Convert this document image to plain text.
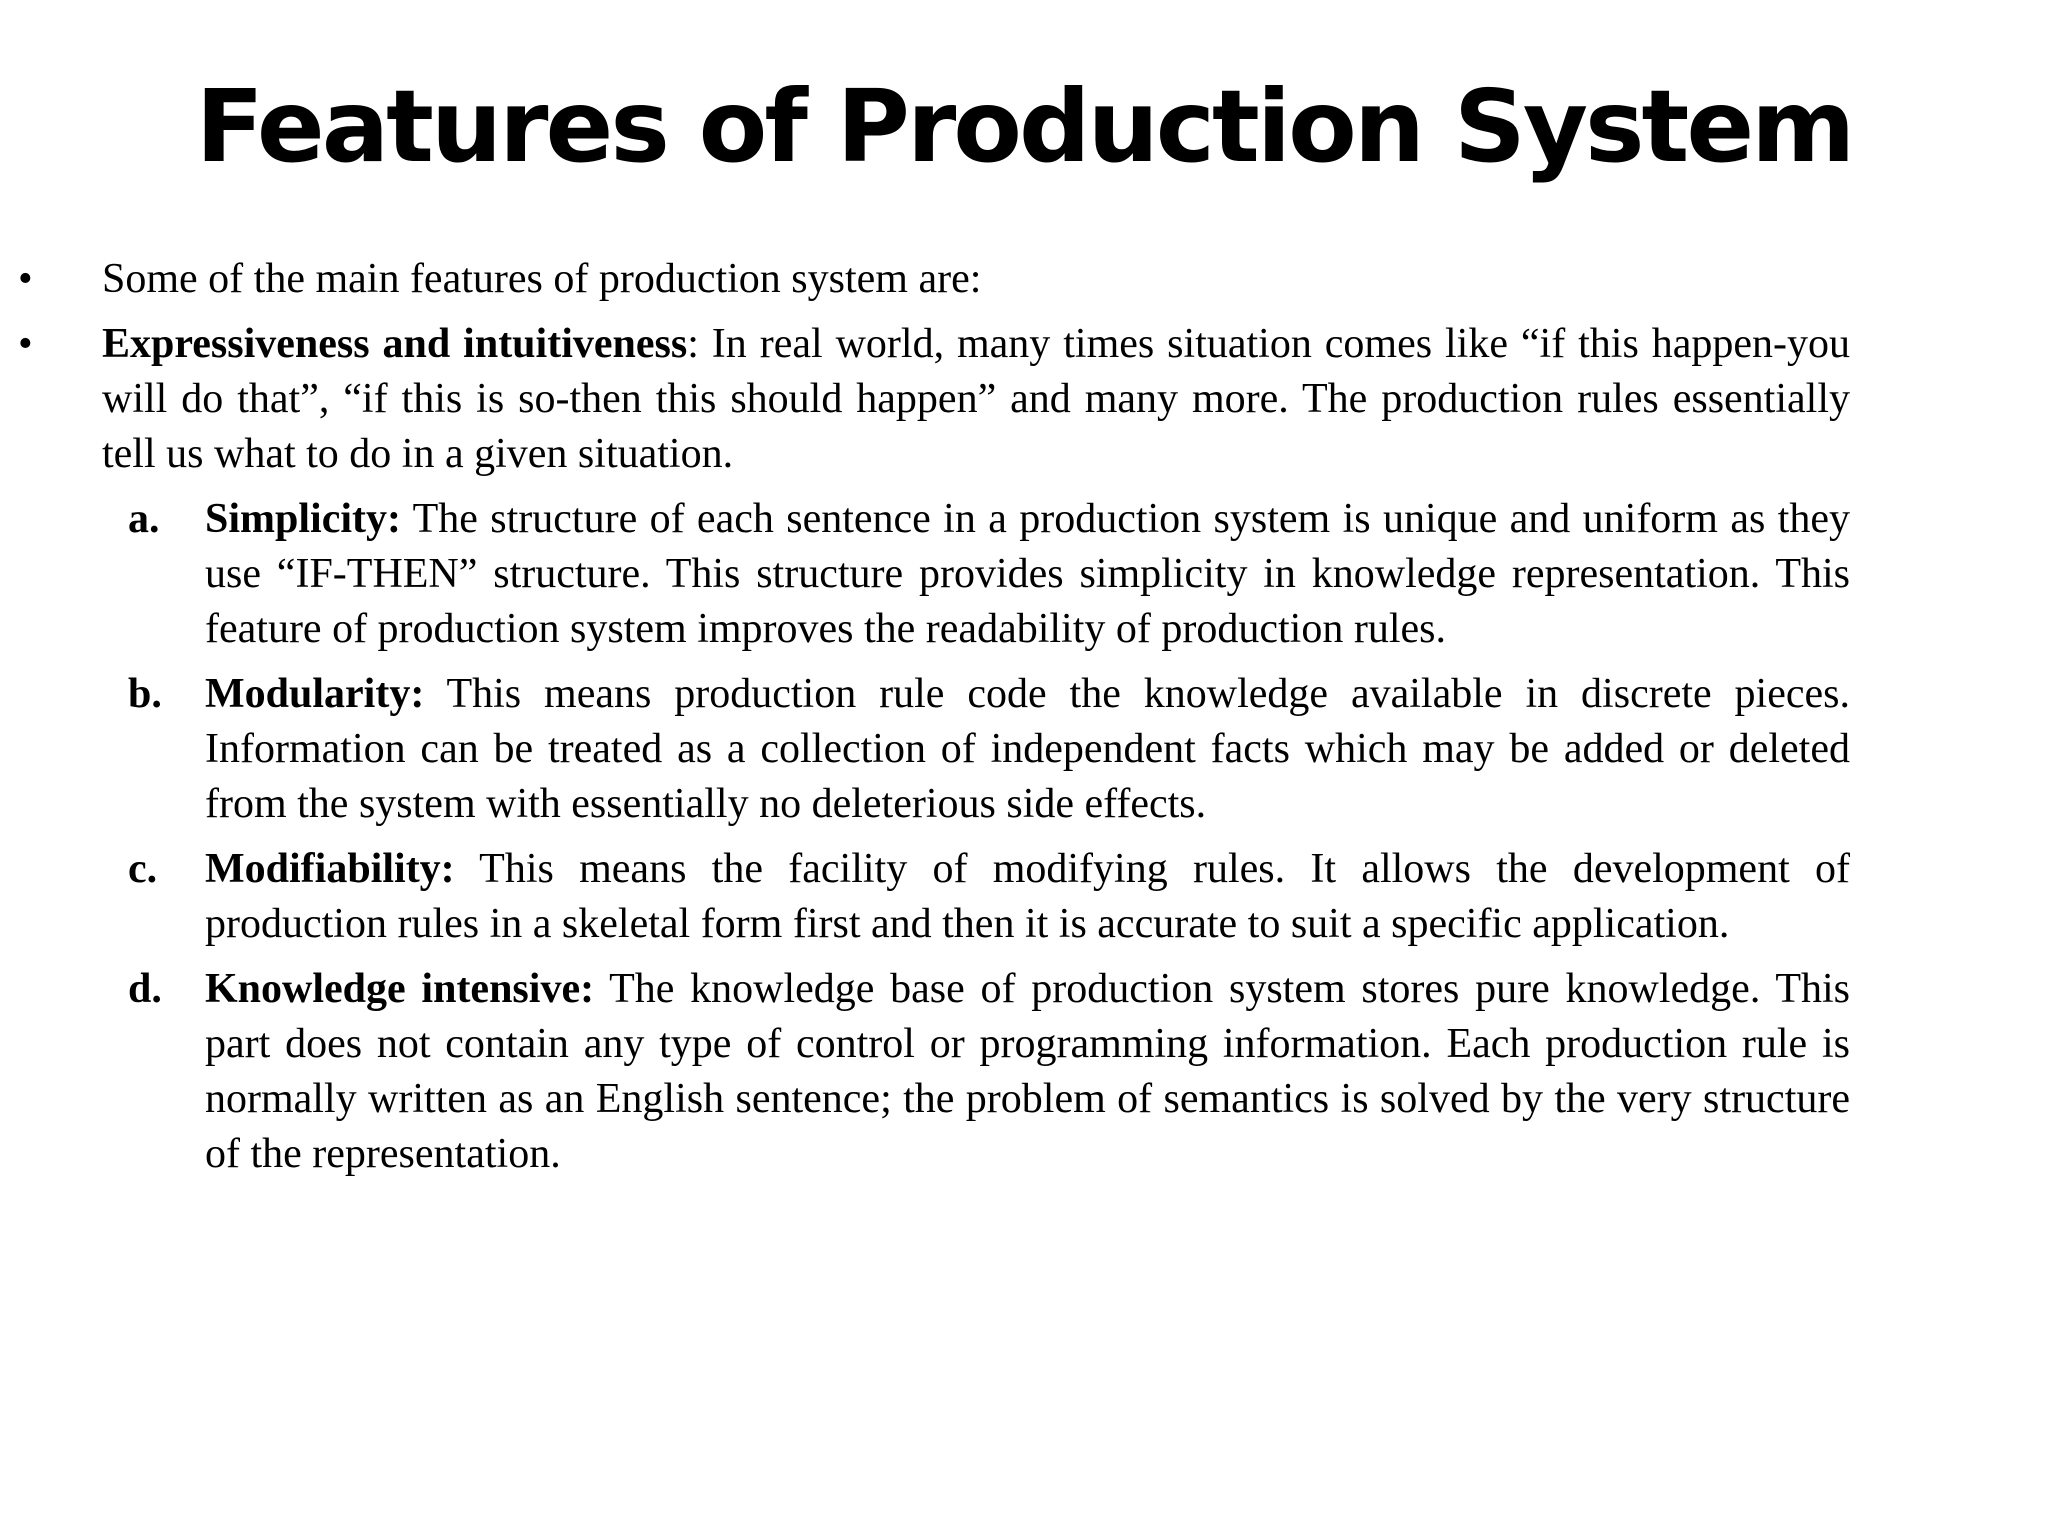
Features of Production System
•	Some of the main features of production system are:
•	Expressiveness and intuitiveness: In real world, many times situation comes like “if this happen-you will do that”, “if this is so-then this should happen” and many more. The production rules essentially tell us what to do in a given situation.
a. Simplicity: The structure of each sentence in a production system is unique and uniform as they use “IF-THEN” structure. This structure provides simplicity in knowledge representation. This feature of production system improves the readability of production rules.
b. Modularity: This means production rule code the knowledge available in discrete pieces. Information can be treated as a collection of independent facts which may be added or deleted from the system with essentially no deleterious side effects.
c. Modifiability: This means the facility of modifying rules. It allows the development of production rules in a skeletal form first and then it is accurate to suit a specific application.
d. Knowledge intensive: The knowledge base of production system stores pure knowledge. This part does not contain any type of control or programming information. Each production rule is normally written as an English sentence; the problem of semantics is solved by the very structure of the representation.
